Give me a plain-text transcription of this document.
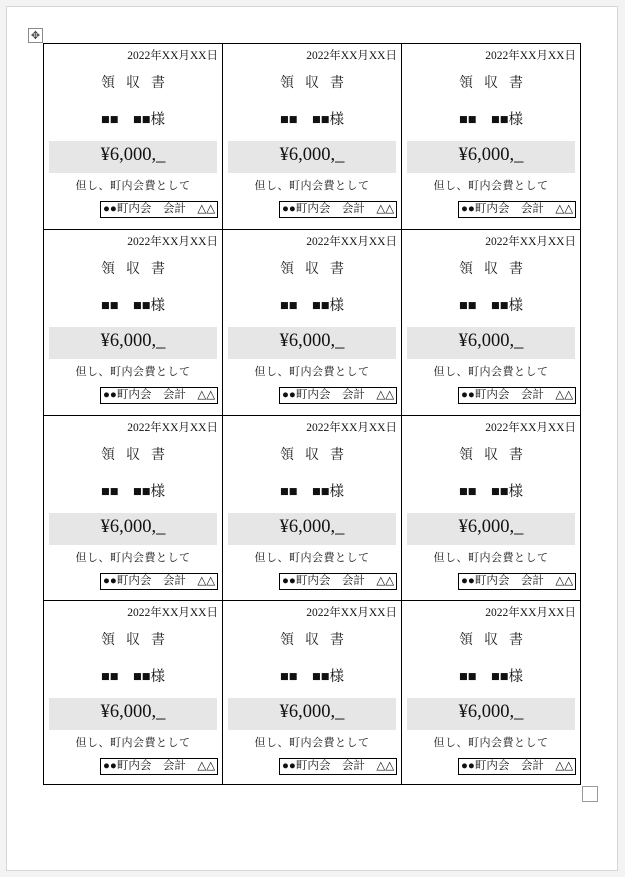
✥
2022年XX月XX日
領収書
■■　■■様
¥6,000,_
但し、町内会費として
●●町内会　会計　△△
2022年XX月XX日
領収書
■■　■■様
¥6,000,_
但し、町内会費として
●●町内会　会計　△△
2022年XX月XX日
領収書
■■　■■様
¥6,000,_
但し、町内会費として
●●町内会　会計　△△
2022年XX月XX日
領収書
■■　■■様
¥6,000,_
但し、町内会費として
●●町内会　会計　△△
2022年XX月XX日
領収書
■■　■■様
¥6,000,_
但し、町内会費として
●●町内会　会計　△△
2022年XX月XX日
領収書
■■　■■様
¥6,000,_
但し、町内会費として
●●町内会　会計　△△
2022年XX月XX日
領収書
■■　■■様
¥6,000,_
但し、町内会費として
●●町内会　会計　△△
2022年XX月XX日
領収書
■■　■■様
¥6,000,_
但し、町内会費として
●●町内会　会計　△△
2022年XX月XX日
領収書
■■　■■様
¥6,000,_
但し、町内会費として
●●町内会　会計　△△
2022年XX月XX日
領収書
■■　■■様
¥6,000,_
但し、町内会費として
●●町内会　会計　△△
2022年XX月XX日
領収書
■■　■■様
¥6,000,_
但し、町内会費として
●●町内会　会計　△△
2022年XX月XX日
領収書
■■　■■様
¥6,000,_
但し、町内会費として
●●町内会　会計　△△
